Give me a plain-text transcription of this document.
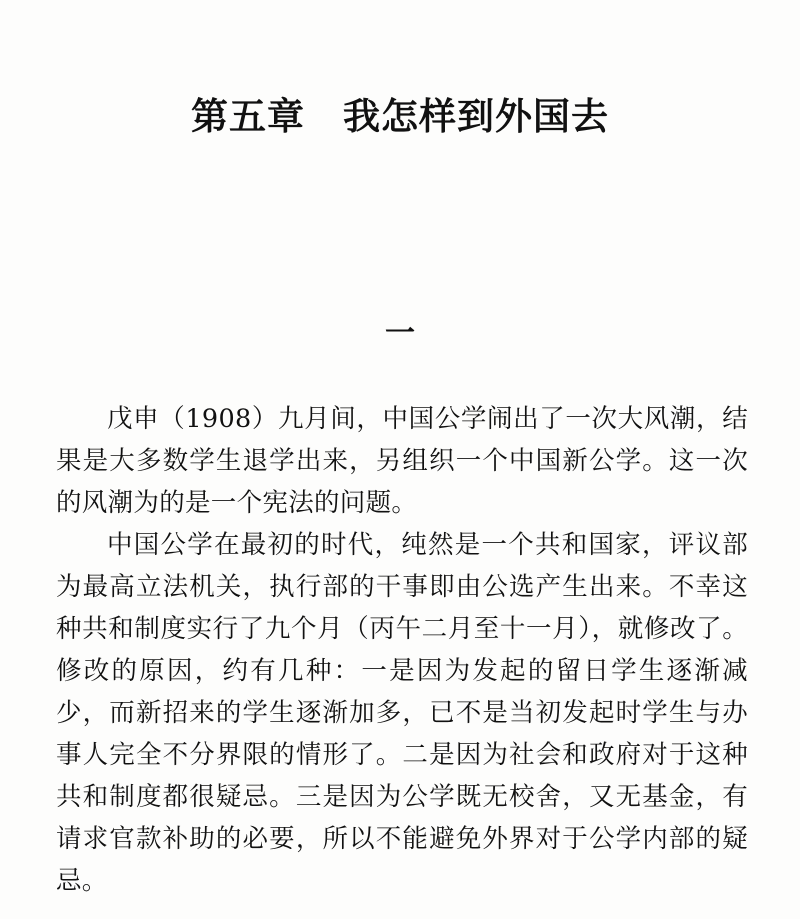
第五章　我怎样到外国去
一

戊申（1908）九月间，中国公学闹出了一次大风潮，结果是大多数学生退学出来，另组织一个中国新公学。这一次的风潮为的是一个宪法的问题。

中国公学在最初的时代，纯然是一个共和国家，评议部为最高立法机关，执行部的干事即由公选产生出来。不幸这种共和制度实行了九个月（丙午二月至十一月），就修改了。修改的原因，约有几种：一是因为发起的留日学生逐渐减少，而新招来的学生逐渐加多，已不是当初发起时学生与办事人完全不分界限的情形了。二是因为社会和政府对于这种共和制度都很疑忌。三是因为公学既无校舍，又无基金，有请求官款补助的必要，所以不能避免外界对于公学内部的疑忌。
